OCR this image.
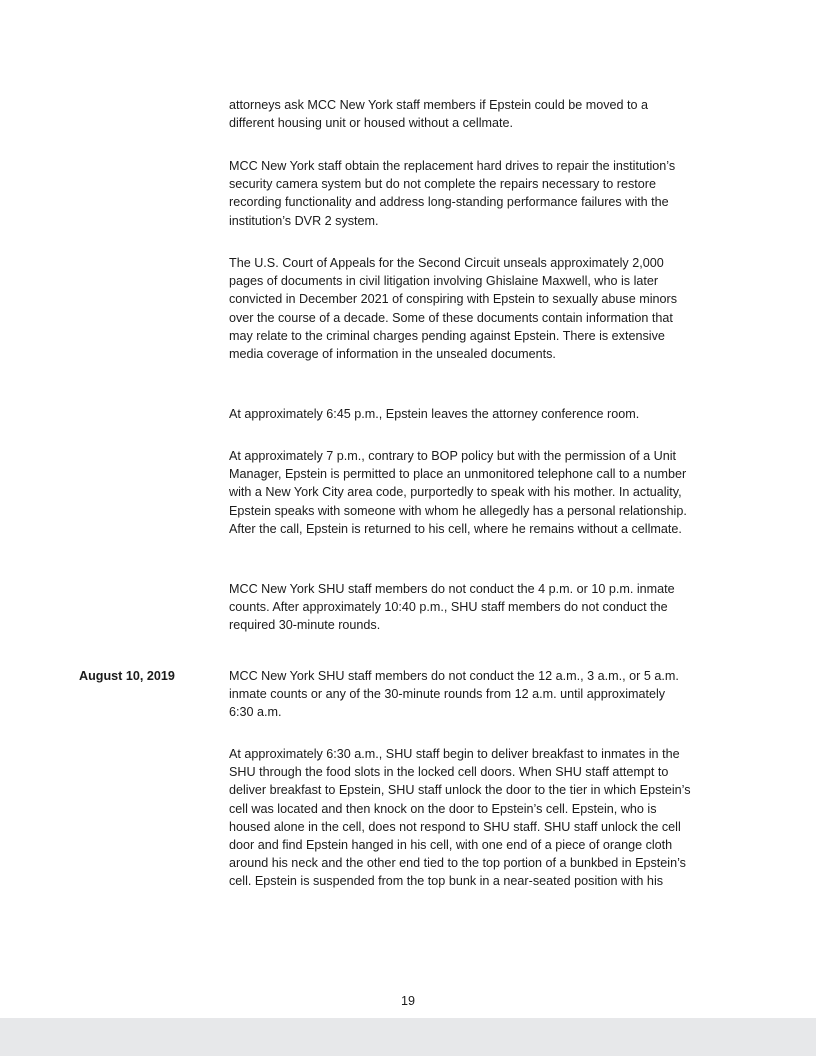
attorneys ask MCC New York staff members if Epstein could be moved to a different housing unit or housed without a cellmate.

MCC New York staff obtain the replacement hard drives to repair the institution’s security camera system but do not complete the repairs necessary to restore recording functionality and address long-standing performance failures with the institution’s DVR 2 system.

The U.S. Court of Appeals for the Second Circuit unseals approximately 2,000 pages of documents in civil litigation involving Ghislaine Maxwell, who is later convicted in December 2021 of conspiring with Epstein to sexually abuse minors over the course of a decade. Some of these documents contain information that may relate to the criminal charges pending against Epstein. There is extensive media coverage of information in the unsealed documents.

At approximately 6:45 p.m., Epstein leaves the attorney conference room.

At approximately 7 p.m., contrary to BOP policy but with the permission of a Unit Manager, Epstein is permitted to place an unmonitored telephone call to a number with a New York City area code, purportedly to speak with his mother. In actuality, Epstein speaks with someone with whom he allegedly has a personal relationship. After the call, Epstein is returned to his cell, where he remains without a cellmate.

MCC New York SHU staff members do not conduct the 4 p.m. or 10 p.m. inmate counts. After approximately 10:40 p.m., SHU staff members do not conduct the required 30-minute rounds.

August 10, 2019	MCC New York SHU staff members do not conduct the 12 a.m., 3 a.m., or 5 a.m. inmate counts or any of the 30-minute rounds from 12 a.m. until approximately 6:30 a.m.

At approximately 6:30 a.m., SHU staff begin to deliver breakfast to inmates in the SHU through the food slots in the locked cell doors. When SHU staff attempt to deliver breakfast to Epstein, SHU staff unlock the door to the tier in which Epstein’s cell was located and then knock on the door to Epstein’s cell. Epstein, who is housed alone in the cell, does not respond to SHU staff. SHU staff unlock the cell door and find Epstein hanged in his cell, with one end of a piece of orange cloth around his neck and the other end tied to the top portion of a bunkbed in Epstein’s cell. Epstein is suspended from the top bunk in a near-seated position with his

19
